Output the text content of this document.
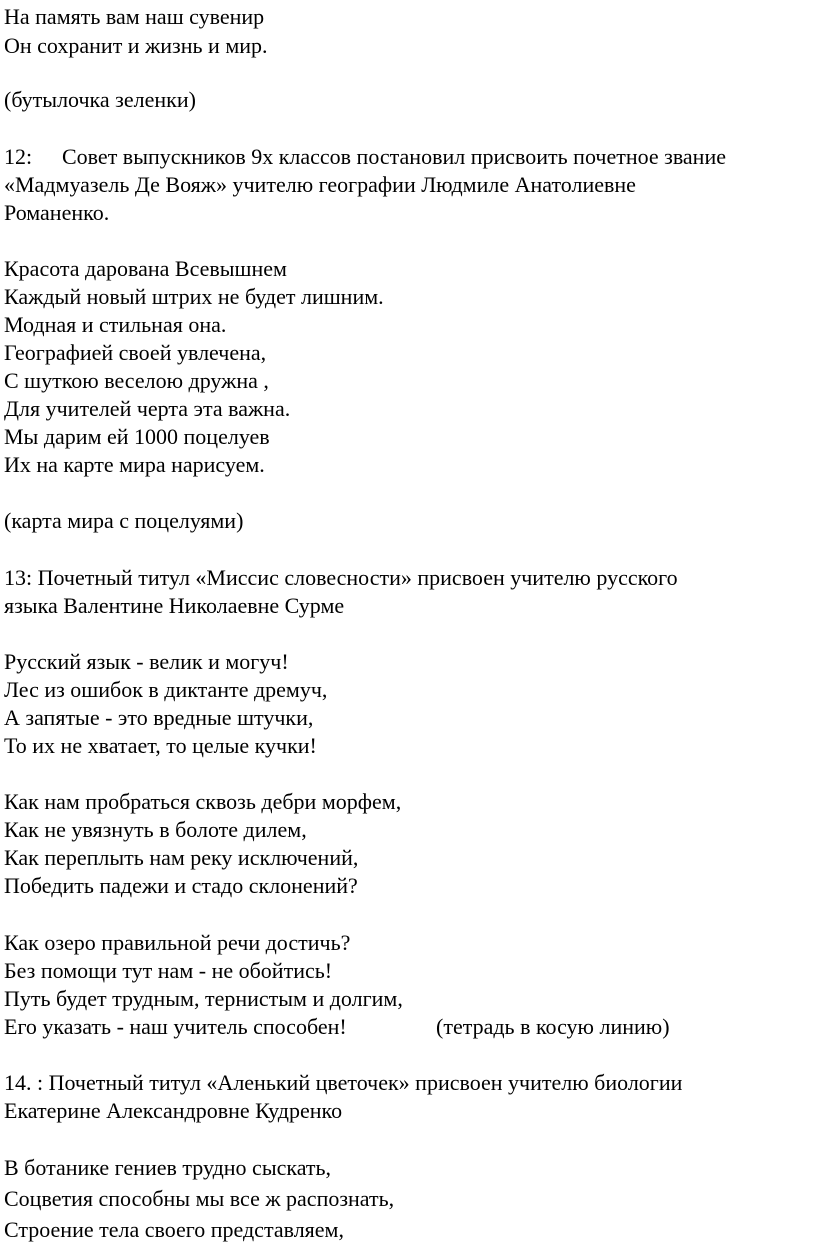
На память вам наш сувенир
Он сохранит и жизнь и мир.
(бутылочка зеленки)
12: Совет выпускников 9х классов постановил присвоить почетное звание
«Мадмуазель Де Вояж» учителю географии Людмиле Анатолиевне
Романенко.
Красота дарована Всевышнем
Каждый новый штрих не будет лишним.
Модная и стильная она.
Географией своей увлечена,
С шуткою веселою дружна ,
Для учителей черта эта важна.
Мы дарим ей 1000 поцелуев
Их на карте мира нарисуем.
(карта мира с поцелуями)
13: Почетный титул «Миссис словесности» присвоен учителю русского
языка Валентине Николаевне Сурме
Русский язык - велик и могуч!
Лес из ошибок в диктанте дремуч,
А запятые - это вредные штучки,
То их не хватает, то целые кучки!
Как нам пробраться сквозь дебри морфем,
Как не увязнуть в болоте дилем,
Как переплыть нам реку исключений,
Победить падежи и стадо склонений?
Как озеро правильной речи достичь?
Без помощи тут нам - не обойтись!
Путь будет трудным, тернистым и долгим,
Его указать - наш учитель способен!	(тетрадь в косую линию)
14. : Почетный титул «Аленький цветочек» присвоен учителю биологии
Екатерине Александровне Кудренко
В ботанике гениев трудно сыскать,
Соцветия способны мы все ж распознать,
Строение тела своего представляем,
